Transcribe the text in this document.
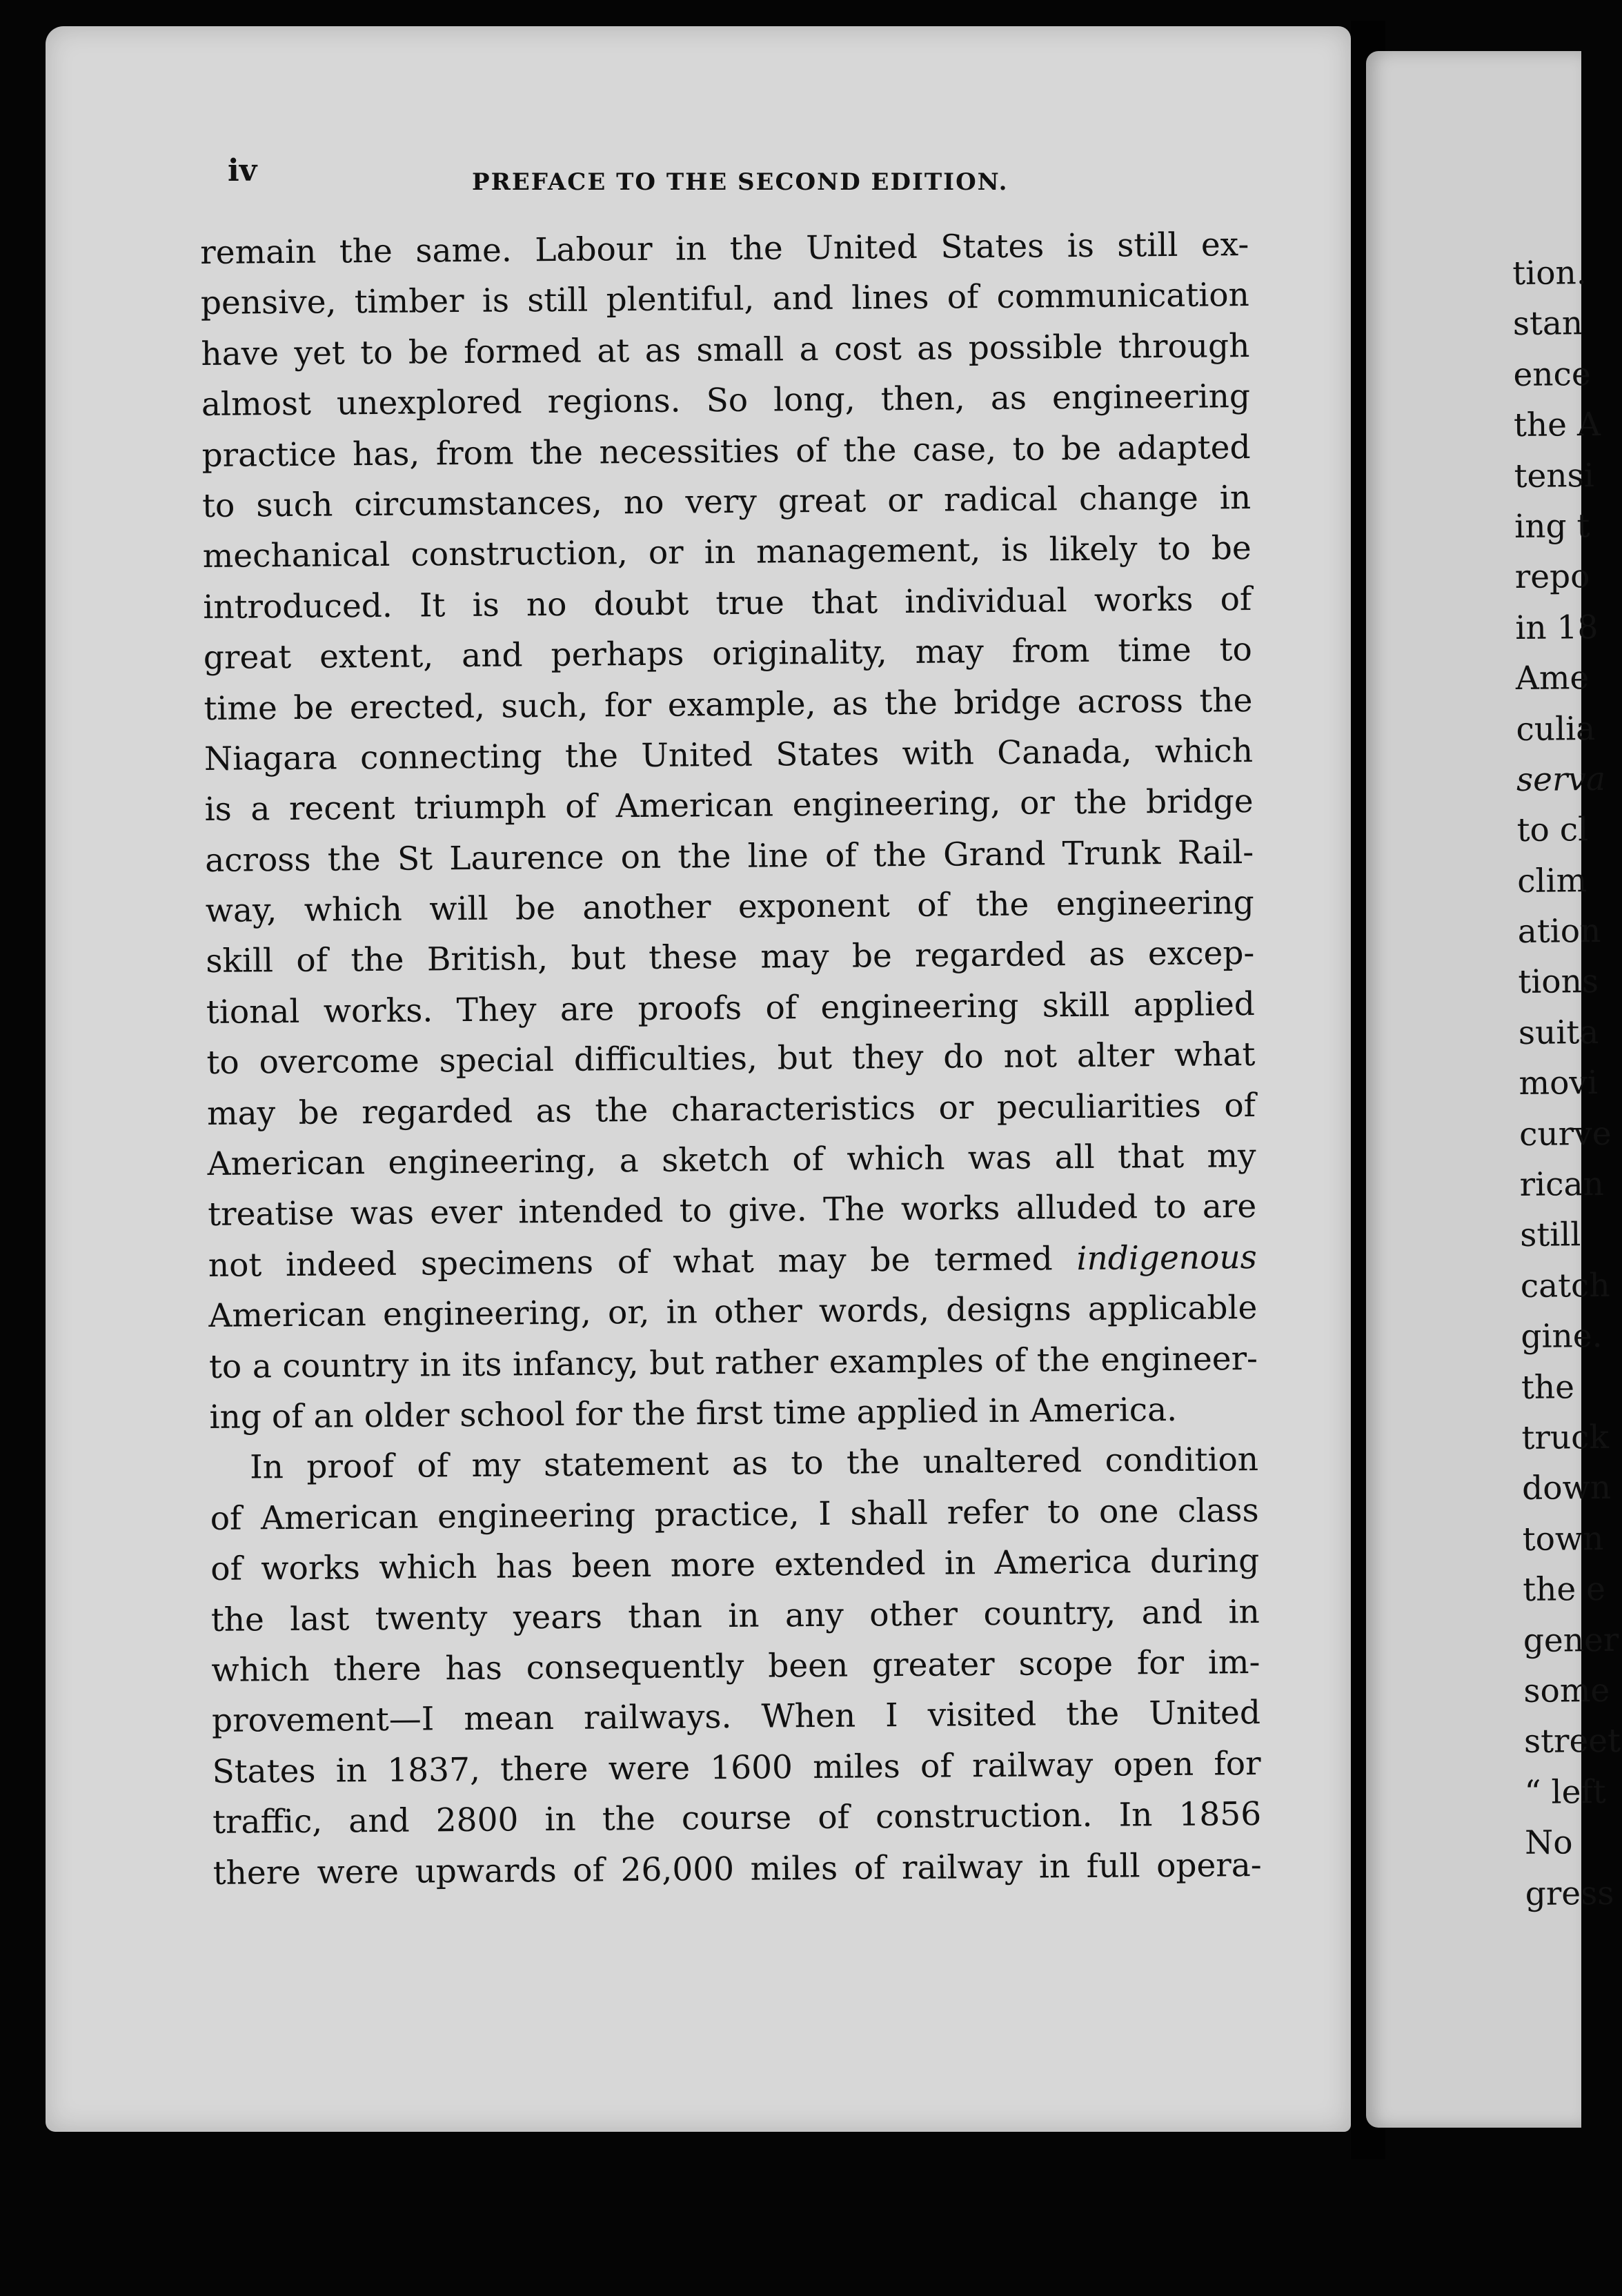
iv	PREFACE TO THE SECOND EDITION.
remain the same. Labour in the United States is still ex-
pensive, timber is still plentiful, and lines of communication
have yet to be formed at as small a cost as possible through
almost unexplored regions. So long, then, as engineering
practice has, from the necessities of the case, to be adapted
to such circumstances, no very great or radical change in
mechanical construction, or in management, is likely to be
introduced. It is no doubt true that individual works of
great extent, and perhaps originality, may from time to
time be erected, such, for example, as the bridge across the
Niagara connecting the United States with Canada, which
is a recent triumph of American engineering, or the bridge
across the St Laurence on the line of the Grand Trunk Rail-
way, which will be another exponent of the engineering
skill of the British, but these may be regarded as excep-
tional works. They are proofs of engineering skill applied
to overcome special difficulties, but they do not alter what
may be regarded as the characteristics or peculiarities of
American engineering, a sketch of which was all that my
treatise was ever intended to give. The works alluded to are
not indeed specimens of what may be termed indigenous
American engineering, or, in other words, designs applicable
to a country in its infancy, but rather examples of the engineer-
ing of an older school for the first time applied in America.
In proof of my statement as to the unaltered condition
of American engineering practice, I shall refer to one class
of works which has been more extended in America during
the last twenty years than in any other country, and in
which there has consequently been greater scope for im-
provement—I mean railways. When I visited the United
States in 1837, there were 1600 miles of railway open for
traffic, and 2800 in the course of construction. In 1856
there were upwards of 26,000 miles of railway in full opera-
tion.
stan
ence
the A
tensi
ing t
repo
in 18
Ame
culia
serva
to cl
clim
ation
tions
suita
movi
curve
rican
still
catch
gine.
the
truck
down
town
the e
gener
some
street
“ left
No
gress
